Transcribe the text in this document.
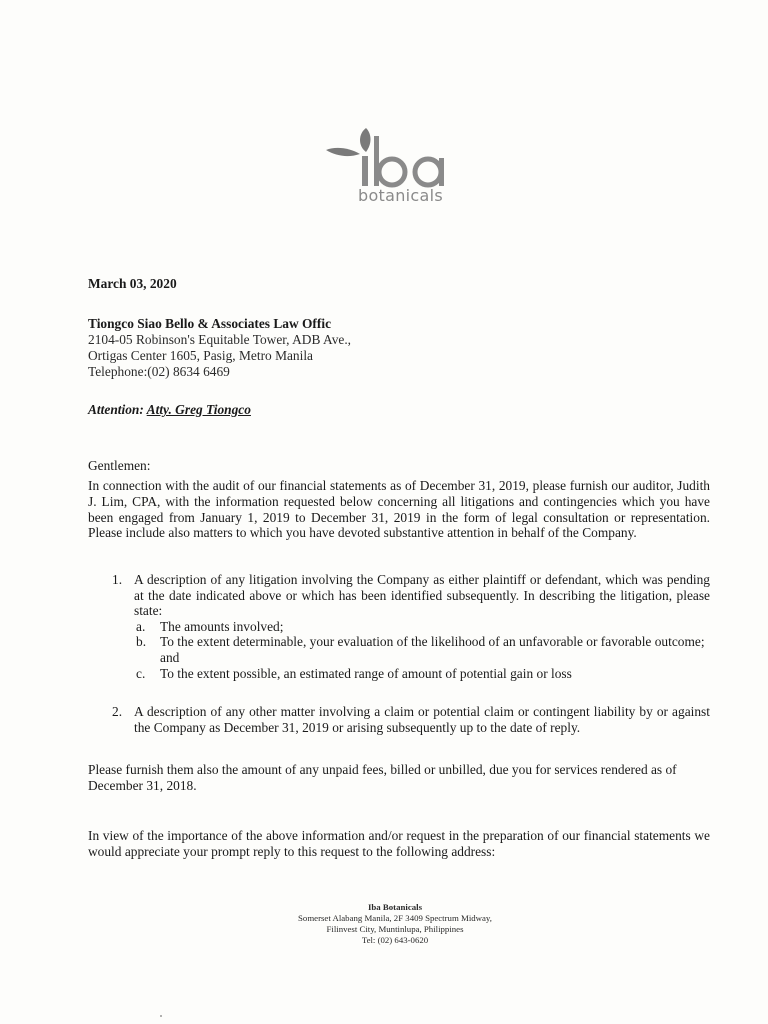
botanicals
March 03, 2020
Tiongco Siao Bello & Associates Law Offic
2104-05 Robinson's Equitable Tower, ADB Ave.,
Ortigas Center 1605, Pasig, Metro Manila
Telephone:(02) 8634 6469
Attention: Atty. Greg Tiongco
Gentlemen:
In connection with the audit of our financial statements as of December 31, 2019, please furnish our auditor, Judith J. Lim, CPA, with the information requested below concerning all litigations and contingencies which you have been engaged from January 1, 2019 to December 31, 2019 in the form of legal consultation or representation. Please include also matters to which you have devoted substantive attention in behalf of the Company.
1. A description of any litigation involving the Company as either plaintiff or defendant, which was pending at the date indicated above or which has been identified subsequently. In describing the litigation, please state:
a. The amounts involved;
b. To the extent determinable, your evaluation of the likelihood of an unfavorable or favorable outcome; and
c. To the extent possible, an estimated range of amount of potential gain or loss
2. A description of any other matter involving a claim or potential claim or contingent liability by or against the Company as December 31, 2019 or arising subsequently up to the date of reply.
Please furnish them also the amount of any unpaid fees, billed or unbilled, due you for services rendered as of December 31, 2018.
In view of the importance of the above information and/or request in the preparation of our financial statements we would appreciate your prompt reply to this request to the following address:
Iba Botanicals
Somerset Alabang Manila, 2F 3409 Spectrum Midway,
Filinvest City, Muntinlupa, Philippines
Tel: (02) 643-0620
